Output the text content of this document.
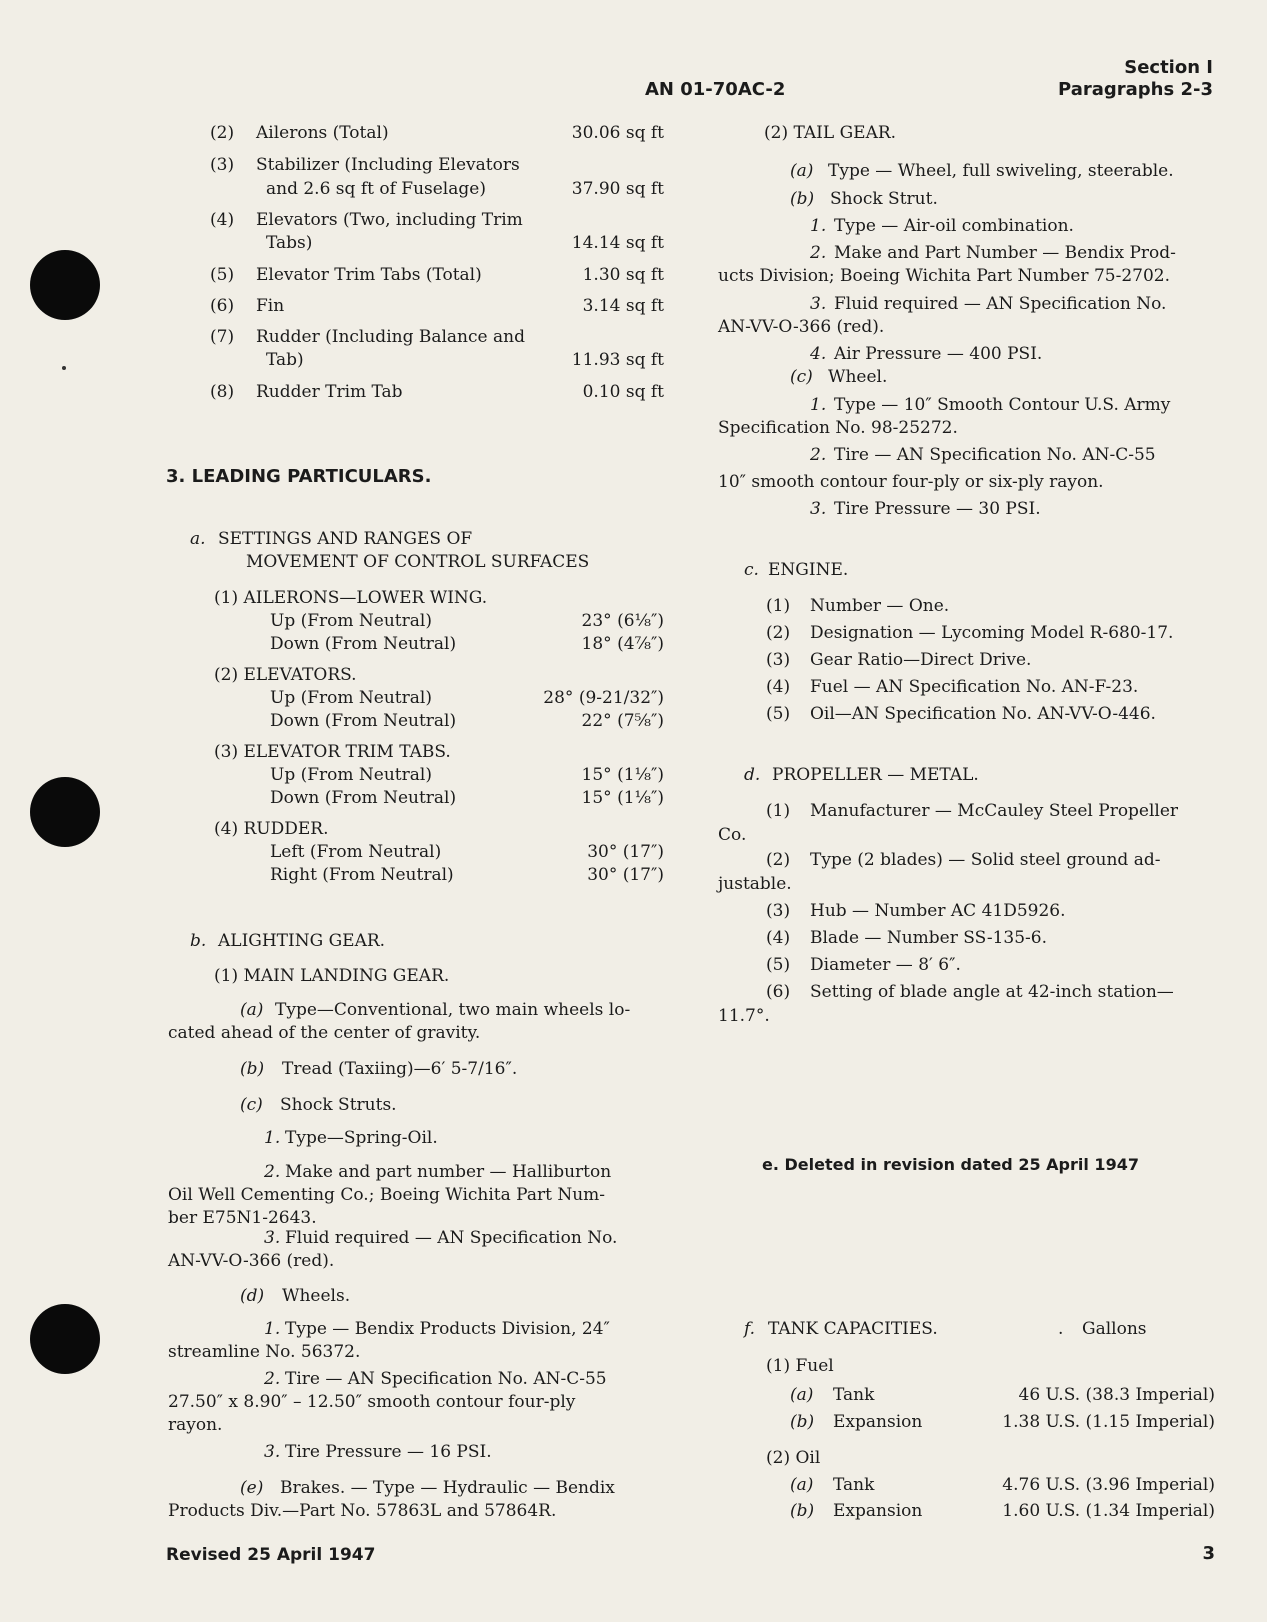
AN 01-70AC-2
Section I
Paragraphs 2-3
(2) Ailerons (Total)	30.06 sq ft
(3) Stabilizer (Including Elevators
and 2.6 sq ft of Fuselage)	37.90 sq ft
(4) Elevators (Two, including Trim
Tabs)	14.14 sq ft
(5) Elevator Trim Tabs (Total)	1.30 sq ft
(6) Fin	3.14 sq ft
(7) Rudder (Including Balance and
Tab)	11.93 sq ft
(8) Rudder Trim Tab	0.10 sq ft
3. LEADING PARTICULARS.
a. SETTINGS AND RANGES OF
MOVEMENT OF CONTROL SURFACES
(1) AILERONS—LOWER WING.
Up (From Neutral)	23° (6⅛″)
Down (From Neutral)	18° (4⅞″)
(2) ELEVATORS.
Up (From Neutral)	28° (9-21/32″)
Down (From Neutral)	22° (7⅝″)
(3) ELEVATOR TRIM TABS.
Up (From Neutral)	15° (1⅛″)
Down (From Neutral)	15° (1⅛″)
(4) RUDDER.
Left (From Neutral)	30° (17″)
Right (From Neutral)	30° (17″)
b. ALIGHTING GEAR.
(1) MAIN LANDING GEAR.
(a) Type—Conventional, two main wheels lo-
cated ahead of the center of gravity.
(b) Tread (Taxiing)—6′ 5-7/16″.
(c) Shock Struts.
1. Type—Spring-Oil.
2. Make and part number — Halliburton
Oil Well Cementing Co.; Boeing Wichita Part Num-
ber E75N1-2643.
3. Fluid required — AN Specification No.
AN-VV-O-366 (red).
(d) Wheels.
1. Type — Bendix Products Division, 24″
streamline No. 56372.
2. Tire — AN Specification No. AN-C-55
27.50″ x 8.90″ – 12.50″ smooth contour four-ply
rayon.
3. Tire Pressure — 16 PSI.
(e) Brakes. — Type — Hydraulic — Bendix
Products Div.—Part No. 57863L and 57864R.
(2) TAIL GEAR.
(a) Type — Wheel, full swiveling, steerable.
(b) Shock Strut.
1. Type — Air-oil combination.
2. Make and Part Number — Bendix Prod-
ucts Division; Boeing Wichita Part Number 75-2702.
3. Fluid required — AN Specification No.
AN-VV-O-366 (red).
4. Air Pressure — 400 PSI.
(c) Wheel.
1. Type — 10″ Smooth Contour U.S. Army
Specification No. 98-25272.
2. Tire — AN Specification No. AN-C-55
10″ smooth contour four-ply or six-ply rayon.
3. Tire Pressure — 30 PSI.
c. ENGINE.
(1) Number — One.
(2) Designation — Lycoming Model R-680-17.
(3) Gear Ratio—Direct Drive.
(4) Fuel — AN Specification No. AN-F-23.
(5) Oil—AN Specification No. AN-VV-O-446.
d. PROPELLER — METAL.
(1) Manufacturer — McCauley Steel Propeller
Co.
(2) Type (2 blades) — Solid steel ground ad-
justable.
(3) Hub — Number AC 41D5926.
(4) Blade — Number SS-135-6.
(5) Diameter — 8′ 6″.
(6) Setting of blade angle at 42-inch station—
11.7°.
e. Deleted in revision dated 25 April 1947
f. TANK CAPACITIES.	. Gallons
(1) Fuel
(a) Tank	46 U.S. (38.3 Imperial)
(b) Expansion	1.38 U.S. (1.15 Imperial)
(2) Oil
(a) Tank	4.76 U.S. (3.96 Imperial)
(b) Expansion	1.60 U.S. (1.34 Imperial)
Revised 25 April 1947	3
